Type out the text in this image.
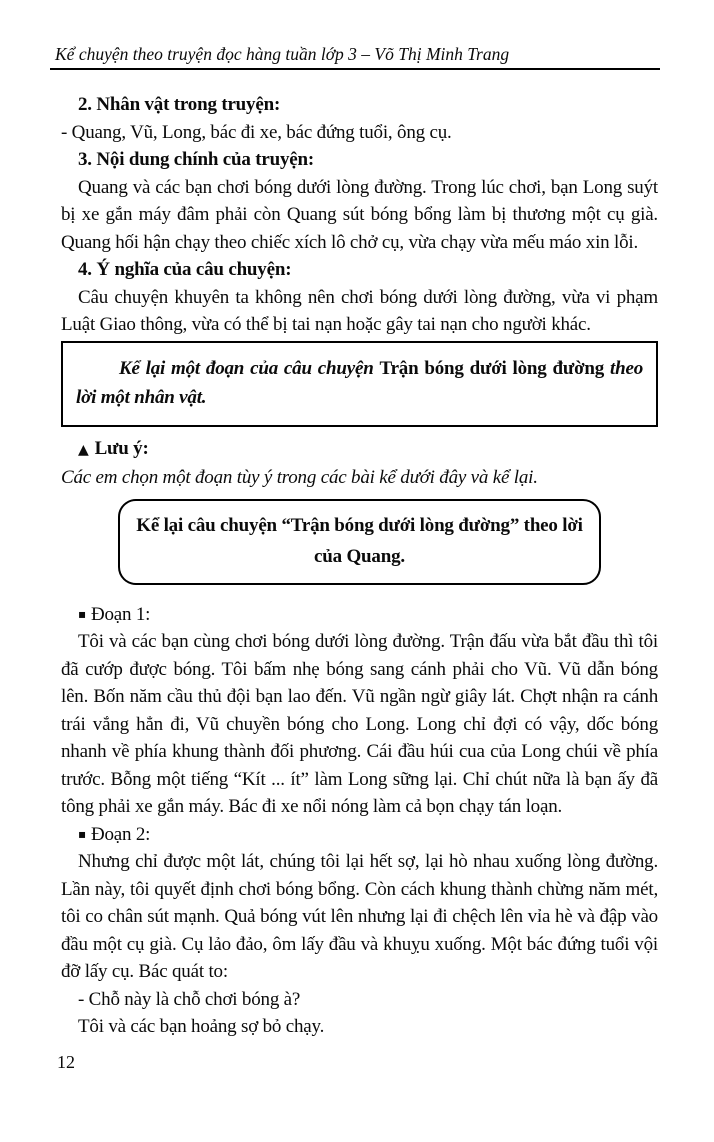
Kể chuyện theo truyện đọc hàng tuần lớp 3 – Võ Thị Minh Trang

2. Nhân vật trong truyện:

- Quang, Vũ, Long, bác đi xe, bác đứng tuổi, ông cụ.

3. Nội dung chính của truyện:

Quang và các bạn chơi bóng dưới lòng đường. Trong lúc chơi, bạn Long suýt bị xe gắn máy đâm phải còn Quang sút bóng bổng làm bị thương một cụ già. Quang hối hận chạy theo chiếc xích lô chở cụ, vừa chạy vừa mếu máo xin lỗi.

4. Ý nghĩa của câu chuyện:

Câu chuyện khuyên ta không nên chơi bóng dưới lòng đường, vừa vi phạm Luật Giao thông, vừa có thể bị tai nạn hoặc gây tai nạn cho người khác.

Kể lại một đoạn của câu chuyện Trận bóng dưới lòng đường theo lời một nhân vật.

▲ Lưu ý:

Các em chọn một đoạn tùy ý trong các bài kể dưới đây và kể lại.

Kể lại câu chuyện “Trận bóng dưới lòng đường” theo lời của Quang.

▪ Đoạn 1:

Tôi và các bạn cùng chơi bóng dưới lòng đường. Trận đấu vừa bắt đầu thì tôi đã cướp được bóng. Tôi bấm nhẹ bóng sang cánh phải cho Vũ. Vũ dẫn bóng lên. Bốn năm cầu thủ đội bạn lao đến. Vũ ngần ngừ giây lát. Chợt nhận ra cánh trái vắng hẳn đi, Vũ chuyền bóng cho Long. Long chỉ đợi có vậy, dốc bóng nhanh về phía khung thành đối phương. Cái đầu húi cua của Long chúi về phía trước. Bỗng một tiếng “Kít ... ít” làm Long sững lại. Chỉ chút nữa là bạn ấy đã tông phải xe gắn máy. Bác đi xe nổi nóng làm cả bọn chạy tán loạn.

▪ Đoạn 2:

Nhưng chỉ được một lát, chúng tôi lại hết sợ, lại hò nhau xuống lòng đường. Lần này, tôi quyết định chơi bóng bổng. Còn cách khung thành chừng năm mét, tôi co chân sút mạnh. Quả bóng vút lên nhưng lại đi chệch lên vỉa hè và đập vào đầu một cụ già. Cụ lảo đảo, ôm lấy đầu và khuỵu xuống. Một bác đứng tuổi vội đỡ lấy cụ. Bác quát to:

- Chỗ này là chỗ chơi bóng à?

Tôi và các bạn hoảng sợ bỏ chạy.

12
